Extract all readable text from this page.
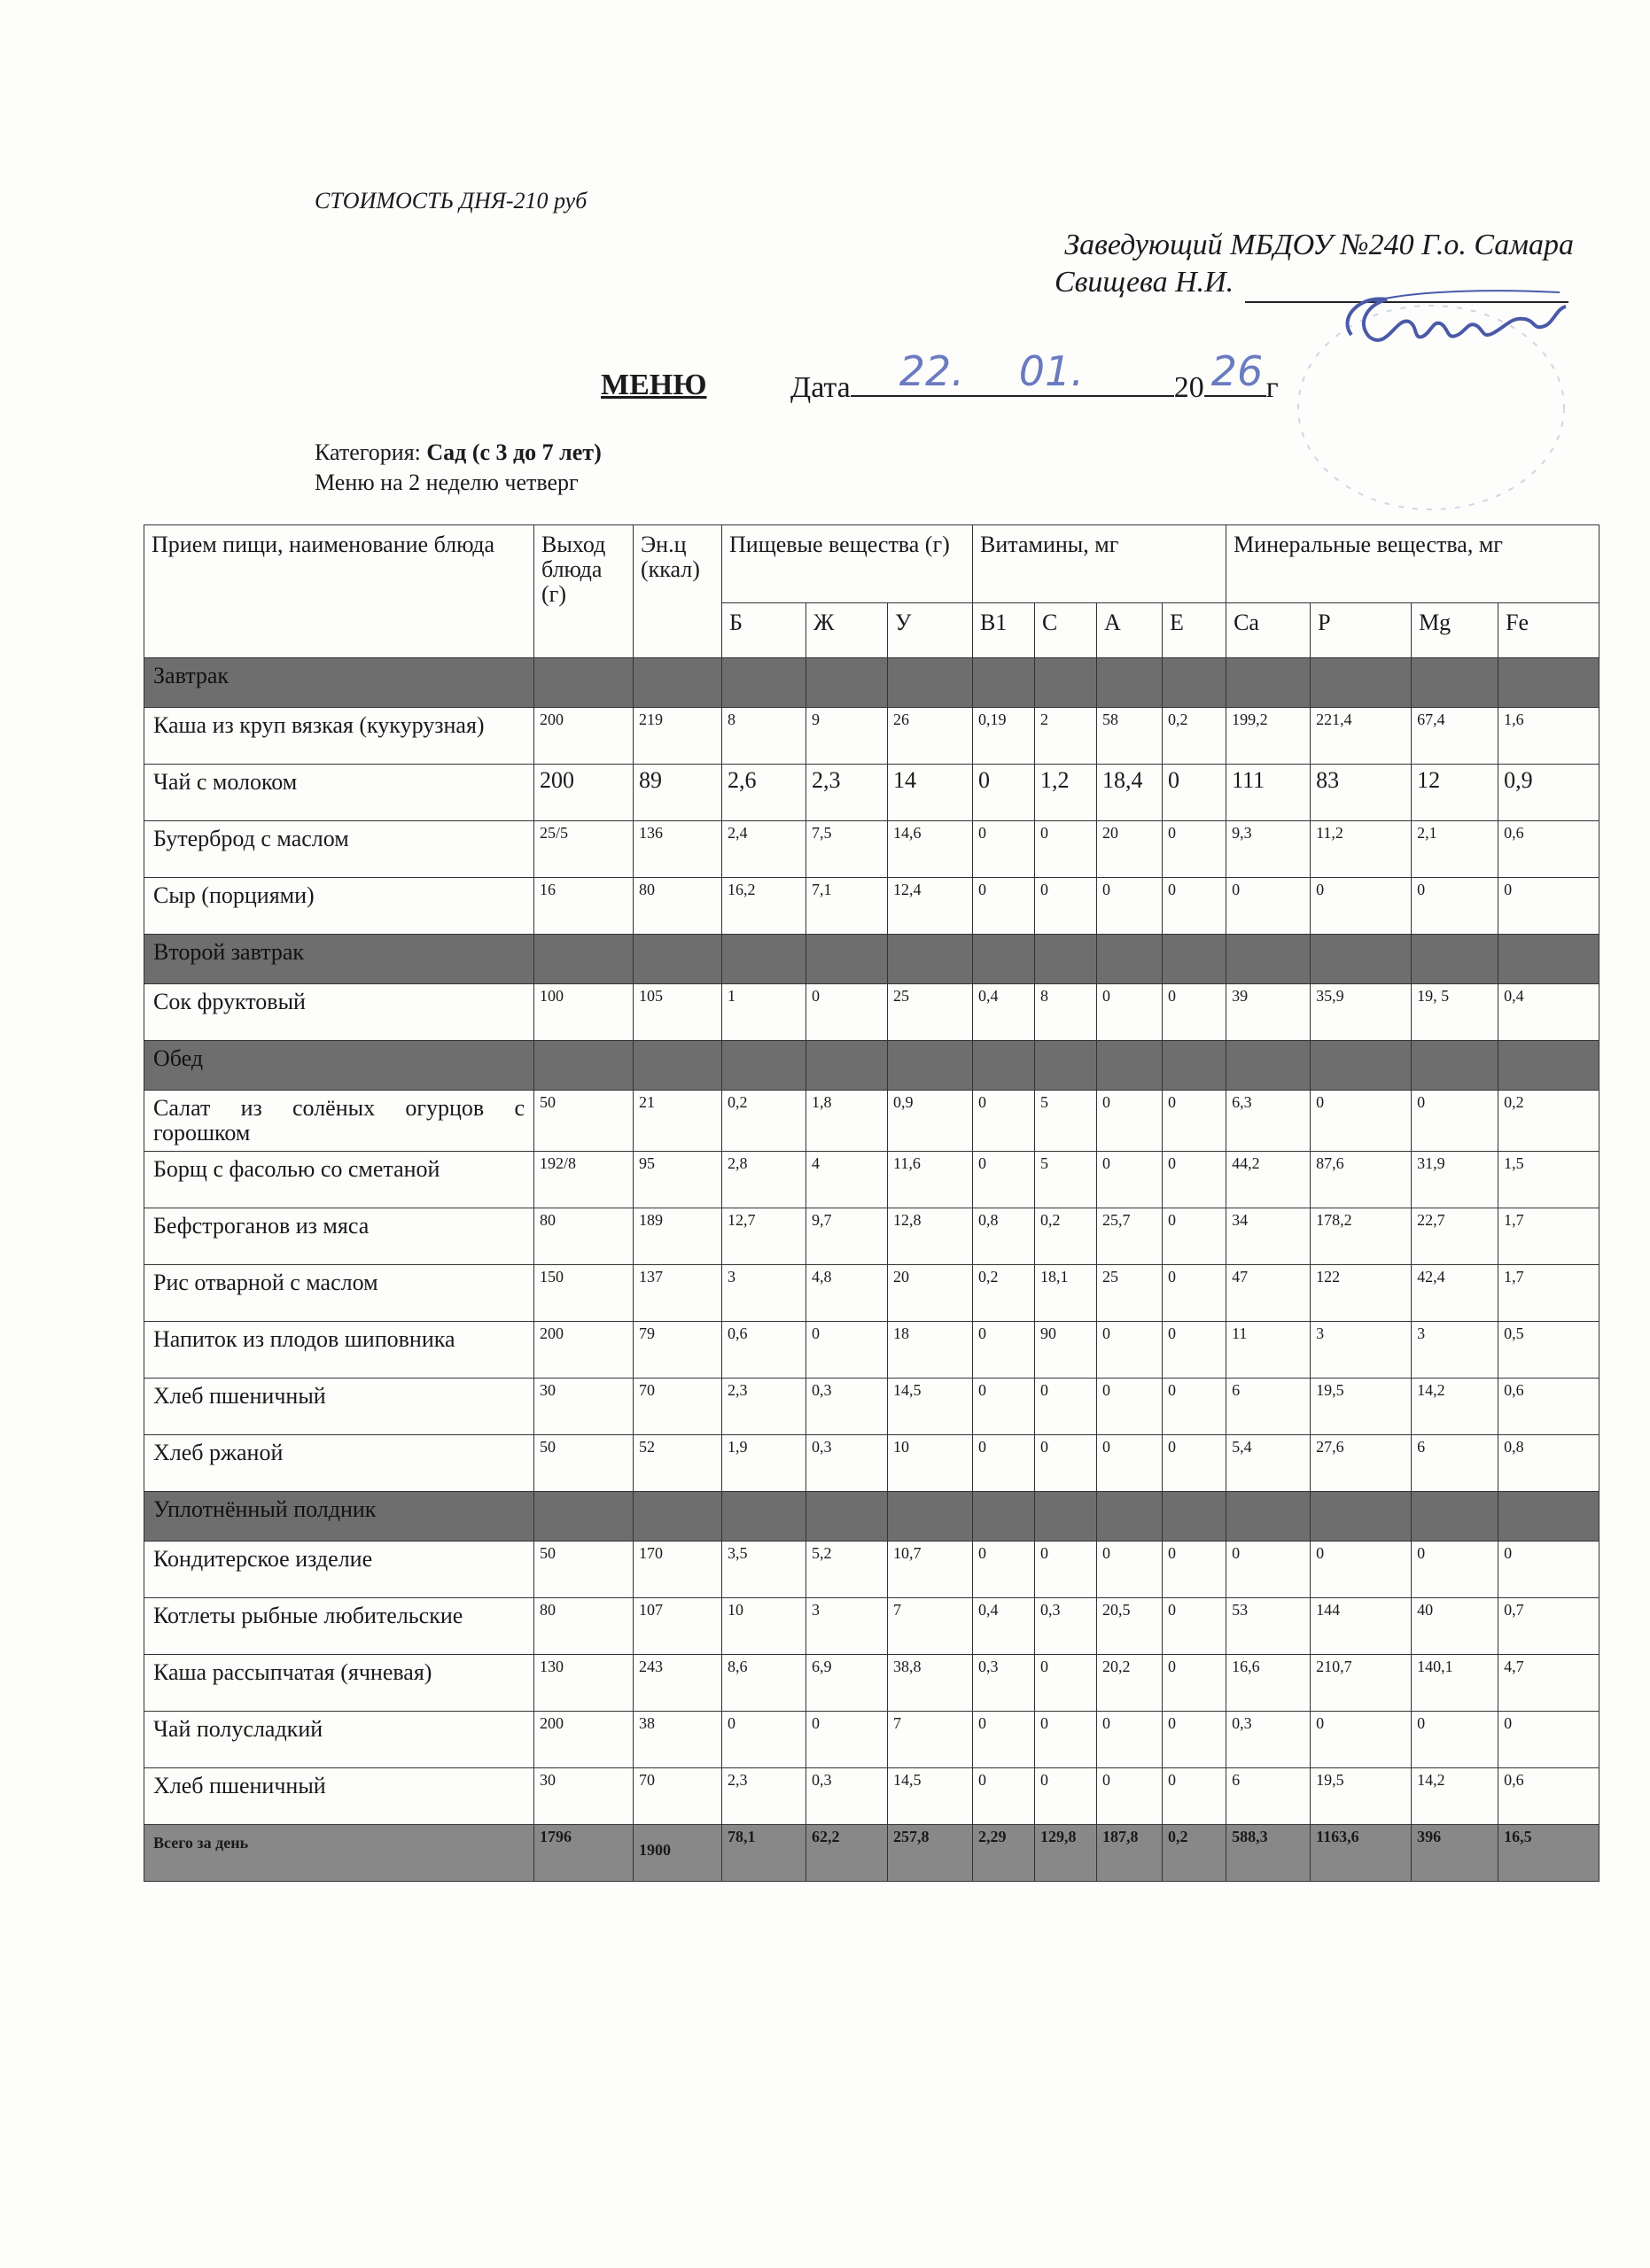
СТОИМОСТЬ ДНЯ-210 руб
Заведующий МБДОУ №240 Г.о. Самара
Свищева Н.И.
МЕНЮ	Дата 22. 01.	20 26 г
Категория: Сад (с 3 до 7 лет)
Меню на 2 неделю четверг
Прием пищи, наименование блюда	Выход блюда (г)	Эн.ц (ккал)	Пищевые вещества (г)			Витамины, мг				Минеральные вещества, мг			
			Б	Ж	У	B1	C	A	E	Ca	P	Mg	Fe
Завтрак													
Каша из круп вязкая (кукурузная)	200	219	8	9	26	0,19	2	58	0,2	199,2	221,4	67,4	1,6
Чай с молоком	200	89	2,6	2,3	14	0	1,2	18,4	0	111	83	12	0,9
Бутерброд с маслом	25/5	136	2,4	7,5	14,6	0	0	20	0	9,3	11,2	2,1	0,6
Сыр (порциями)	16	80	16,2	7,1	12,4	0	0	0	0	0	0	0	0
Второй завтрак													
Сок фруктовый	100	105	1	0	25	0,4	8	0	0	39	35,9	19, 5	0,4
Обед													
Салат из солёных огурцов с горошком	50	21	0,2	1,8	0,9	0	5	0	0	6,3	0	0	0,2
Борщ с фасолью со сметаной	192/8	95	2,8	4	11,6	0	5	0	0	44,2	87,6	31,9	1,5
Бефстроганов из мяса	80	189	12,7	9,7	12,8	0,8	0,2	25,7	0	34	178,2	22,7	1,7
Рис отварной с маслом	150	137	3	4,8	20	0,2	18,1	25	0	47	122	42,4	1,7
Напиток из плодов шиповника	200	79	0,6	0	18	0	90	0	0	11	3	3	0,5
Хлеб пшеничный	30	70	2,3	0,3	14,5	0	0	0	0	6	19,5	14,2	0,6
Хлеб ржаной	50	52	1,9	0,3	10	0	0	0	0	5,4	27,6	6	0,8
Уплотнённый полдник													
Кондитерское изделие	50	170	3,5	5,2	10,7	0	0	0	0	0	0	0	0
Котлеты рыбные любительские	80	107	10	3	7	0,4	0,3	20,5	0	53	144	40	0,7
Каша рассыпчатая (ячневая)	130	243	8,6	6,9	38,8	0,3	0	20,2	0	16,6	210,7	140,1	4,7
Чай полусладкий	200	38	0	0	7	0	0	0	0	0,3	0	0	0
Хлеб пшеничный	30	70	2,3	0,3	14,5	0	0	0	0	6	19,5	14,2	0,6
Всего за день	1796	1900	78,1	62,2	257,8	2,29	129,8	187,8	0,2	588,3	1163,6	396	16,5
